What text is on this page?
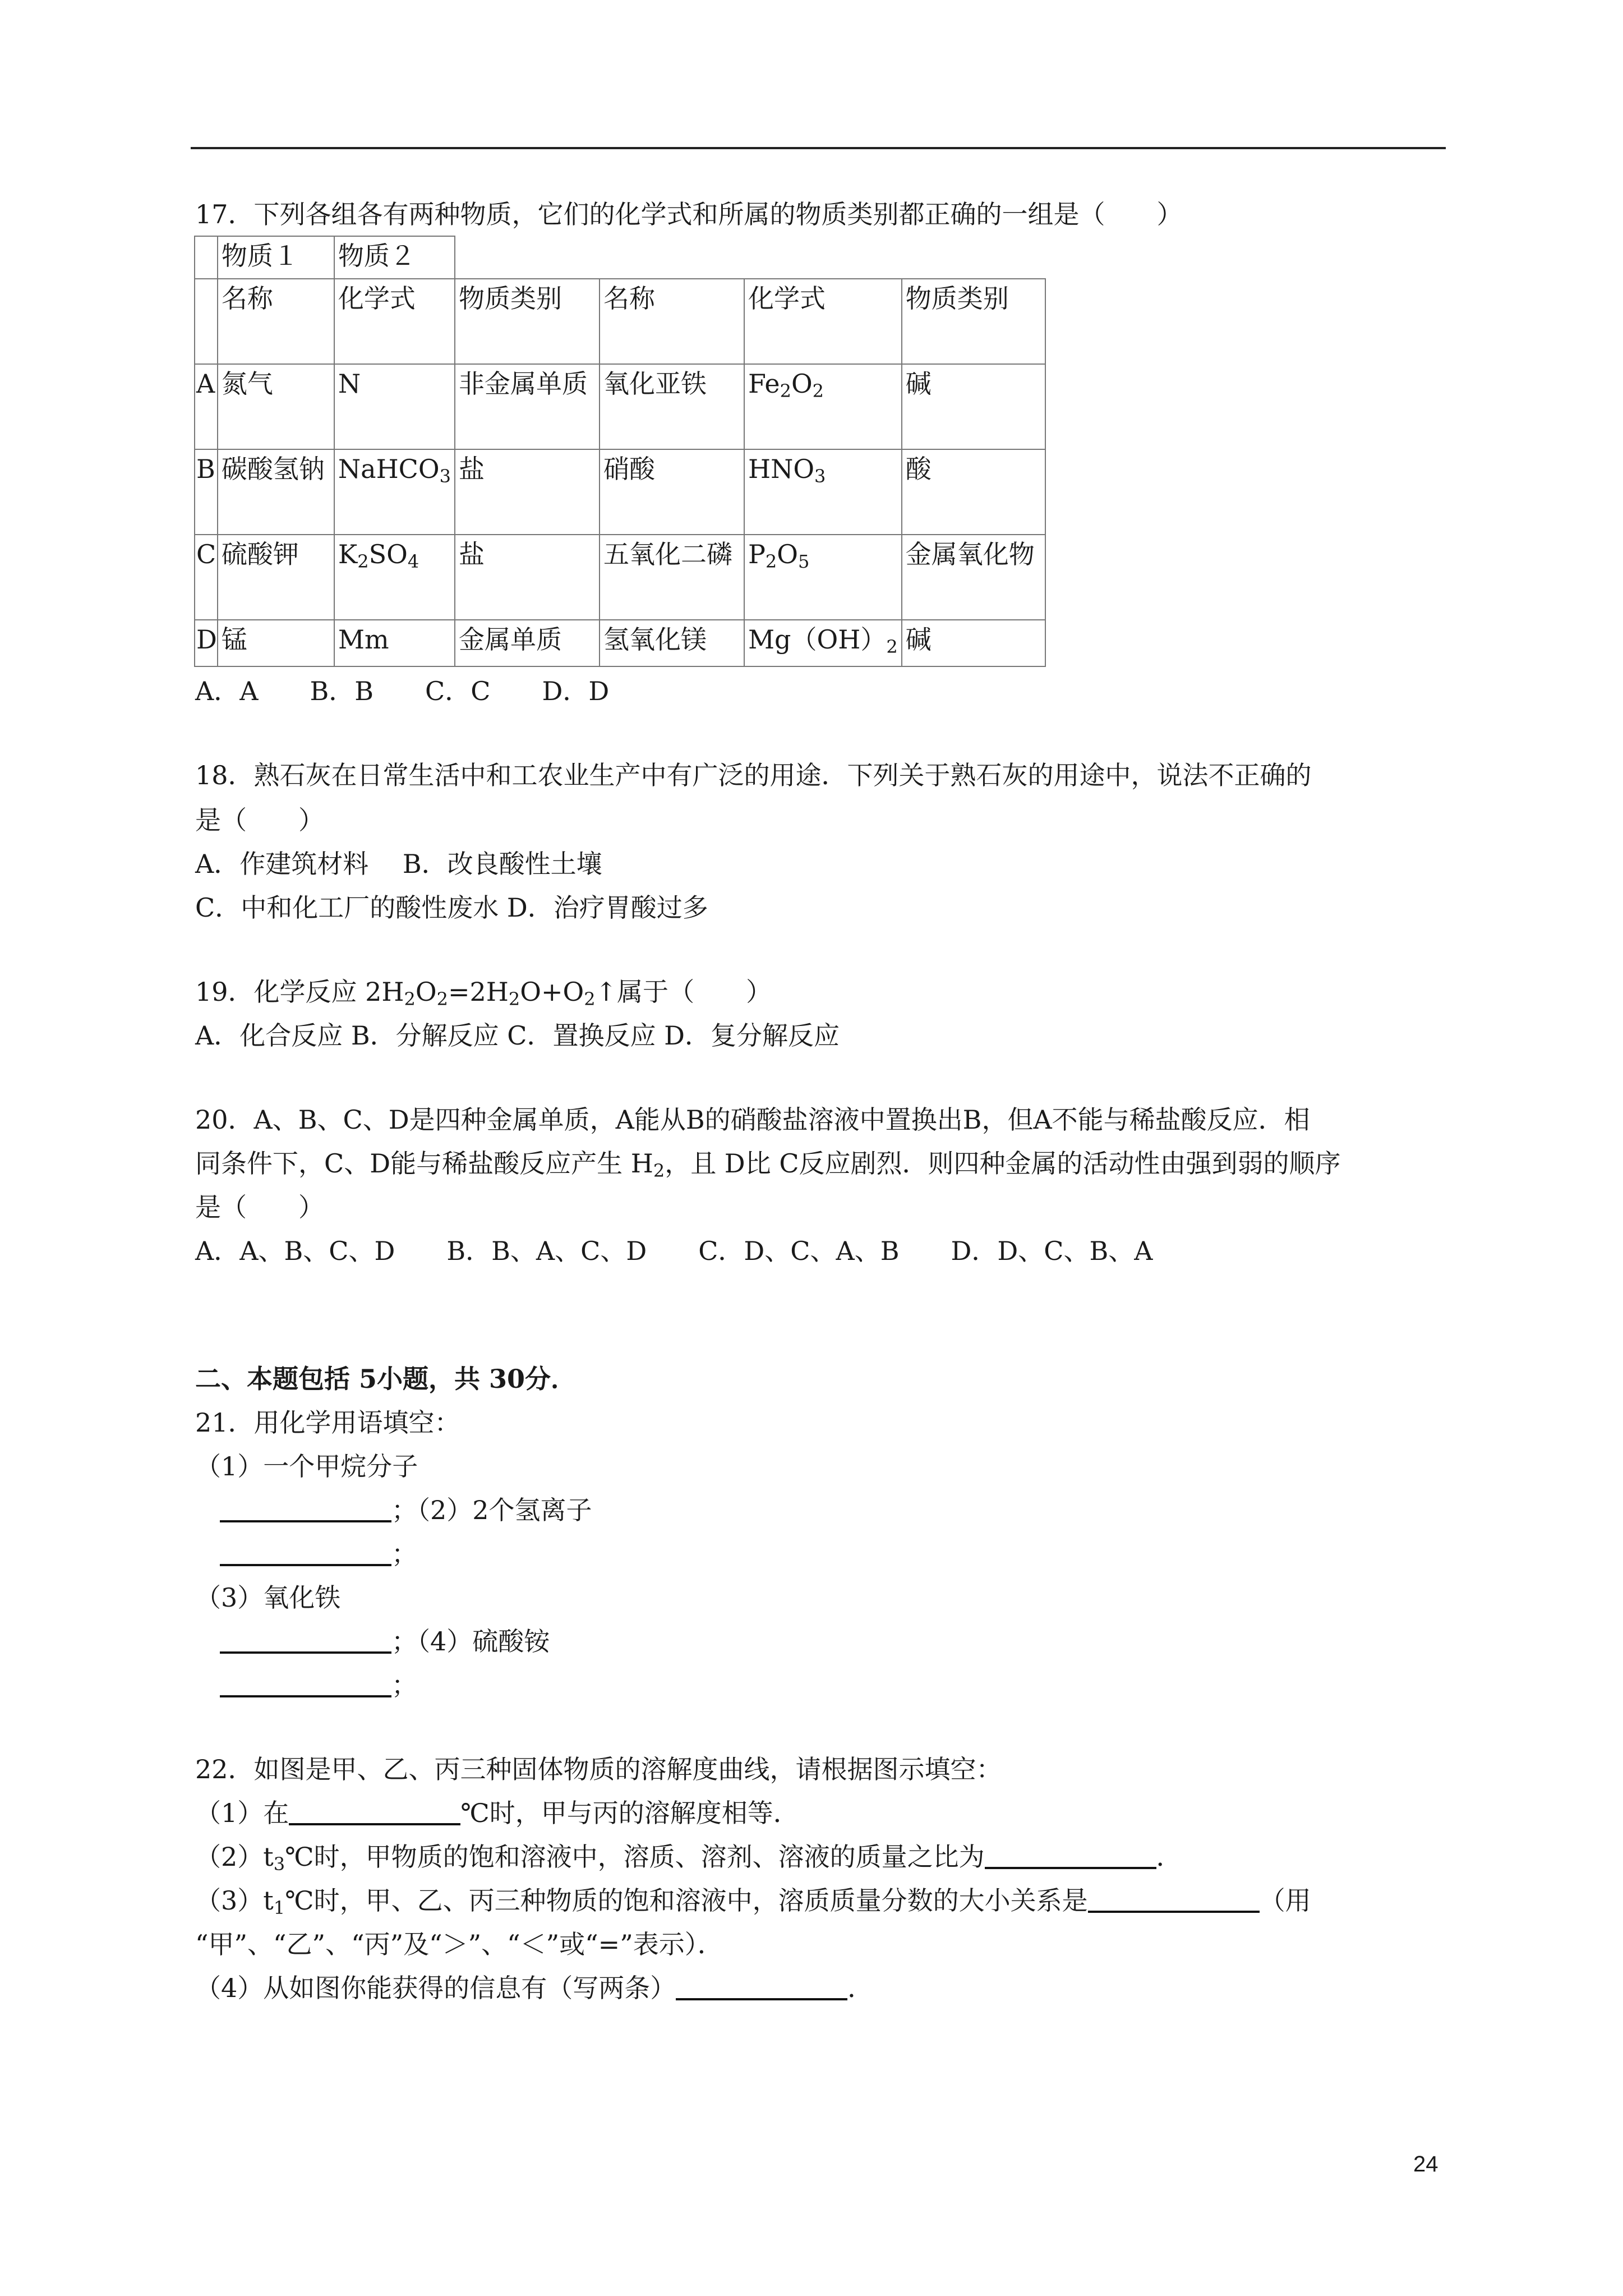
17．下列各组各有两种物质，它们的化学式和所属的物质类别都正确的一组是（　　）
	物质１	物质２				
	名称	化学式	物质类别	名称	化学式	物质类别
A	氮气	N	非金属单质	氧化亚铁	$Fe_2O_2$	碱
B	碳酸氢钠	NaHCO$_3$	盐	硝酸	$HNO_3$	酸
C	硫酸钾	$K_2SO_4$	盐	五氧化二磷	$P_2O_5$	金属氧化物
D	锰	Mm	金属单质	氢氧化镁	$Mg(OH)_2$	碱
A．A　　B．B　　C．C　　D．D
18．熟石灰在日常生活中和工农业生产中有广泛的用途．下列关于熟石灰的用途中，说法不正确的
是（　　）
A．作建筑材料　 B．改良酸性土壤
C．中和化工厂的酸性废水 D．治疗胃酸过多
19．化学反应 $2H_2O_2=2H_2O+O_2↑$属于（　　）
A．化合反应 B．分解反应 C．置换反应 D．复分解反应
20．A、B、C、D是四种金属单质，A能从B的硝酸盐溶液中置换出B，但A不能与稀盐酸反应．相
同条件下，C、D能与稀盐酸反应产生 $H_2$，且 D比 C反应剧烈．则四种金属的活动性由强到弱的顺序
是（　　）
A．A、B、C、D　　B．B、A、C、D　　C．D、C、A、B　　D．D、C、B、A
二、本题包括 5小题，共 30分．
21．用化学用语填空：
（1）一个甲烷分子
；（2）2个氢离子
；
（3）氧化铁
；（4）硫酸铵
；
22．如图是甲、乙、丙三种固体物质的溶解度曲线，请根据图示填空：
（1）在	℃时，甲与丙的溶解度相等．
$(2)t_3℃$时，甲物质的饱和溶液中，溶质、溶剂、溶液的质量之比为	．
$(3)t_1℃$时，甲、乙、丙三种物质的饱和溶液中，溶质质量分数的大小关系是	（用
“甲”、“乙”、“丙”及“＞”、“＜”或“=”表示）．
（4）从如图你能获得的信息有（写两条）	．
24
